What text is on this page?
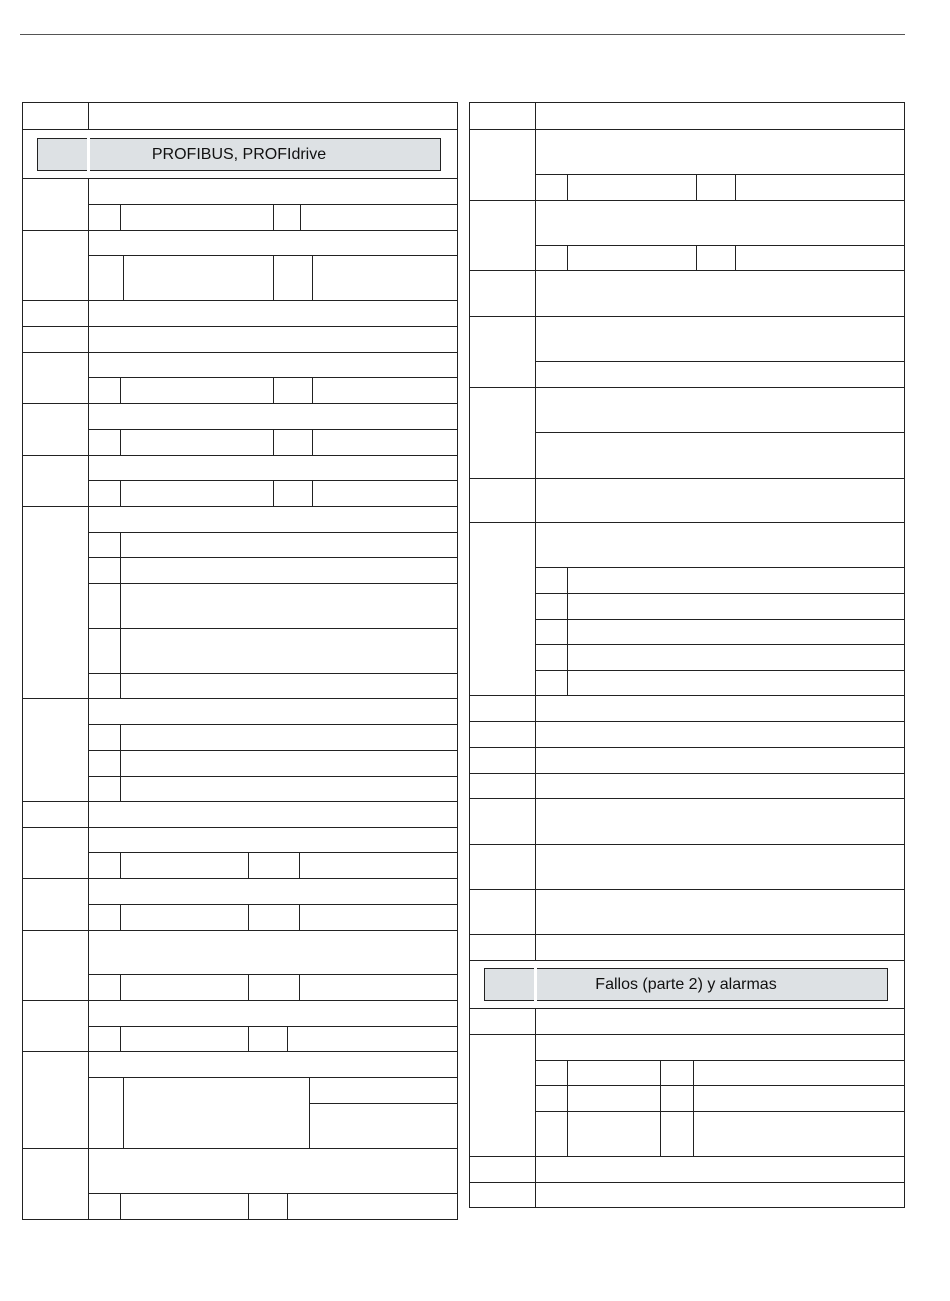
PROFIBUS, PROFIdrive
Fallos (parte 2) y alarmas
